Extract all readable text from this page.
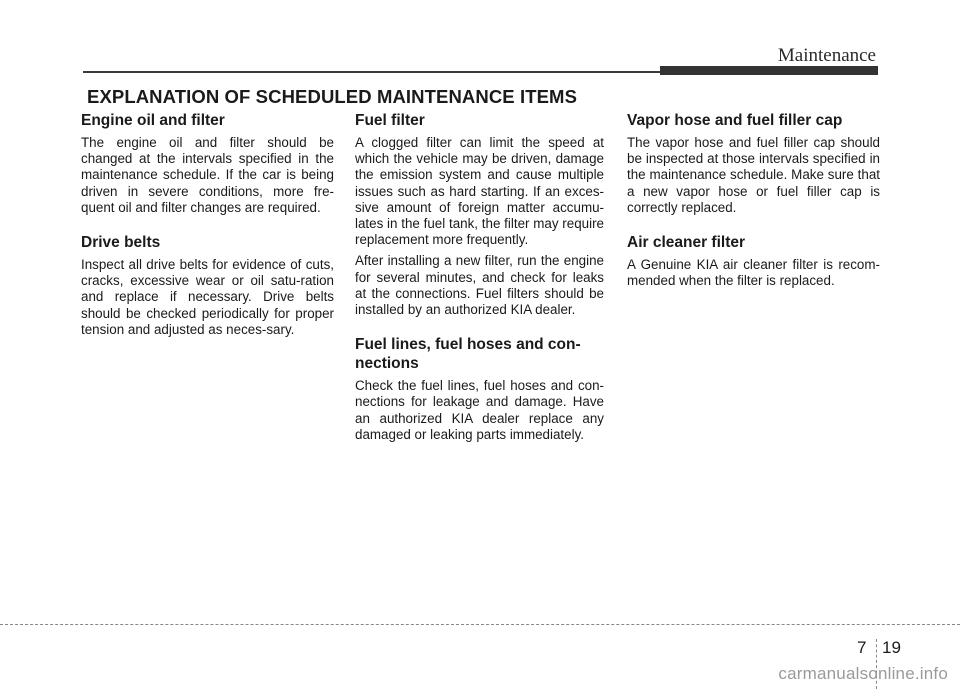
Maintenance
EXPLANATION OF SCHEDULED MAINTENANCE ITEMS
Engine oil and filter

The engine oil and filter should be changed at the intervals specified in the maintenance schedule. If the car is being driven in severe conditions, more fre-quent oil and filter changes are required.

Drive belts

Inspect all drive belts for evidence of cuts, cracks, excessive wear or oil satu-ration and replace if necessary. Drive belts should be checked periodically for proper tension and adjusted as neces-sary.

Fuel filter

A clogged filter can limit the speed at which the vehicle may be driven, damage the emission system and cause multiple issues such as hard starting. If an exces-sive amount of foreign matter accumu-lates in the fuel tank, the filter may require replacement more frequently.

After installing a new filter, run the engine for several minutes, and check for leaks at the connections. Fuel filters should be installed by an authorized KIA dealer.

Fuel lines, fuel hoses and con-nections

Check the fuel lines, fuel hoses and con-nections for leakage and damage. Have an authorized KIA dealer replace any damaged or leaking parts immediately.

Vapor hose and fuel filler cap

The vapor hose and fuel filler cap should be inspected at those intervals specified in the maintenance schedule. Make sure that a new vapor hose or fuel filler cap is correctly replaced.

Air cleaner filter

A Genuine KIA air cleaner filter is recom-mended when the filter is replaced.

7 19
carmanualsonline.info
